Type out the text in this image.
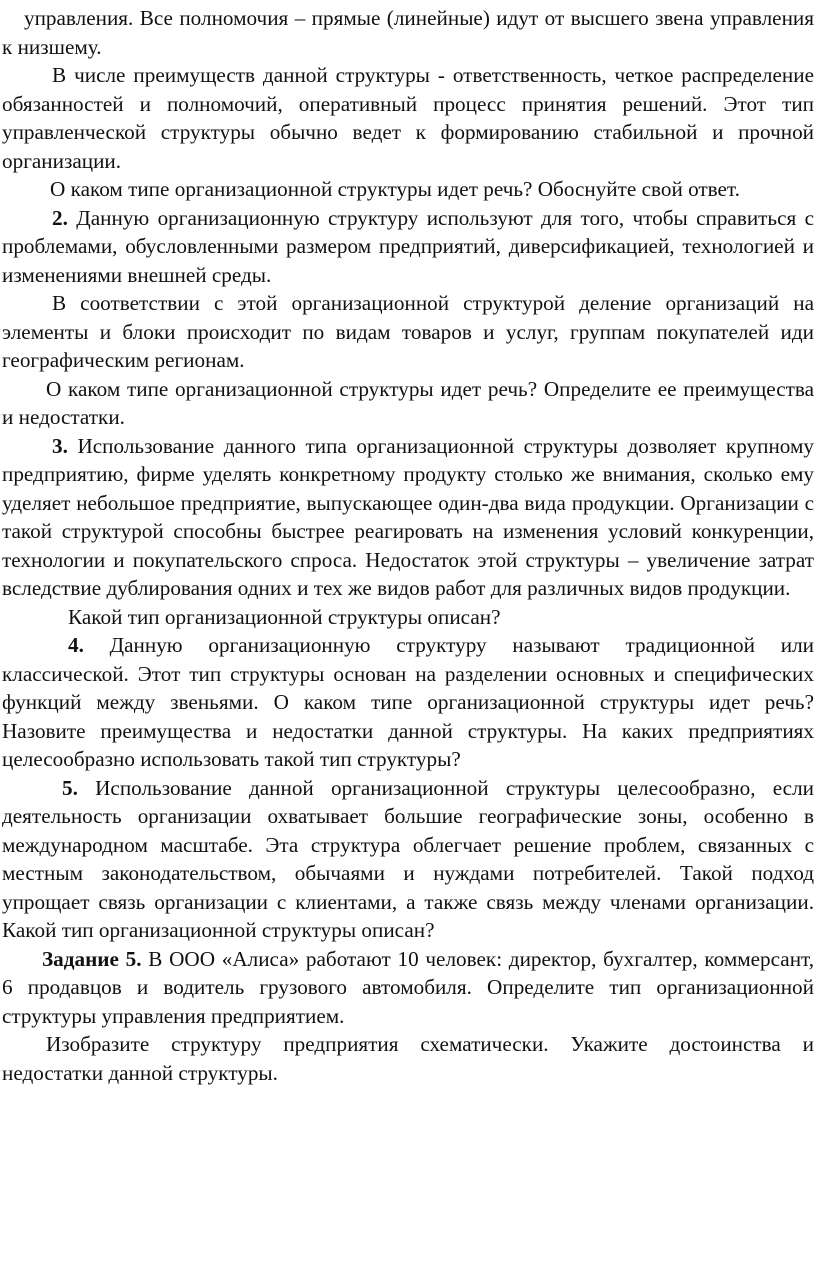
управления. Все полномочия – прямые (линейные) идут от высшего звена управления к низшему.

В числе преимуществ данной структуры - ответственность, четкое распределение обязанностей и полномочий, оперативный процесс принятия решений. Этот тип управленческой структуры обычно ведет к формированию стабильной и прочной организации.

О каком типе организационной структуры идет речь? Обоснуйте свой ответ.

2. Данную организационную структуру используют для того, чтобы справиться с проблемами, обусловленными размером предприятий, диверсификацией, технологией и изменениями внешней среды.

В соответствии с этой организационной структурой деление организаций на элементы и блоки происходит по видам товаров и услуг, группам покупателей иди географическим регионам.

О каком типе организационной структуры идет речь? Определите ее преимущества и недостатки.

3. Использование данного типа организационной структуры дозволяет крупному предприятию, фирме уделять конкретному продукту столько же внимания, сколько ему уделяет небольшое предприятие, выпускающее один-два вида продукции. Организации с такой структурой способны быстрее реагировать на изменения условий конкуренции, технологии и покупательского спроса. Недостаток этой структуры – увеличение затрат вследствие дублирования одних и тех же видов работ для различных видов продукции.

Какой тип организационной структуры описан?

4. Данную организационную структуру называют традиционной или классической. Этот тип структуры основан на разделении основных и специфических функций между звеньями. О каком типе организационной структуры идет речь? Назовите преимущества и недостатки данной структуры. На каких предприятиях целесообразно использовать такой тип структуры?

5. Использование данной организационной структуры целесообразно, если деятельность организации охватывает большие географические зоны, особенно в международном масштабе. Эта структура облегчает решение проблем, связанных с местным законодательством, обычаями и нуждами потребителей. Такой подход упрощает связь организации с клиентами, а также связь между членами организации. Какой тип организационной структуры описан?

Задание 5. В ООО «Алиса» работают 10 человек: директор, бухгалтер, коммерсант, 6 продавцов и водитель грузового автомобиля. Определите тип организационной структуры управления предприятием.

Изобразите структуру предприятия схематически. Укажите достоинства и недостатки данной структуры.
